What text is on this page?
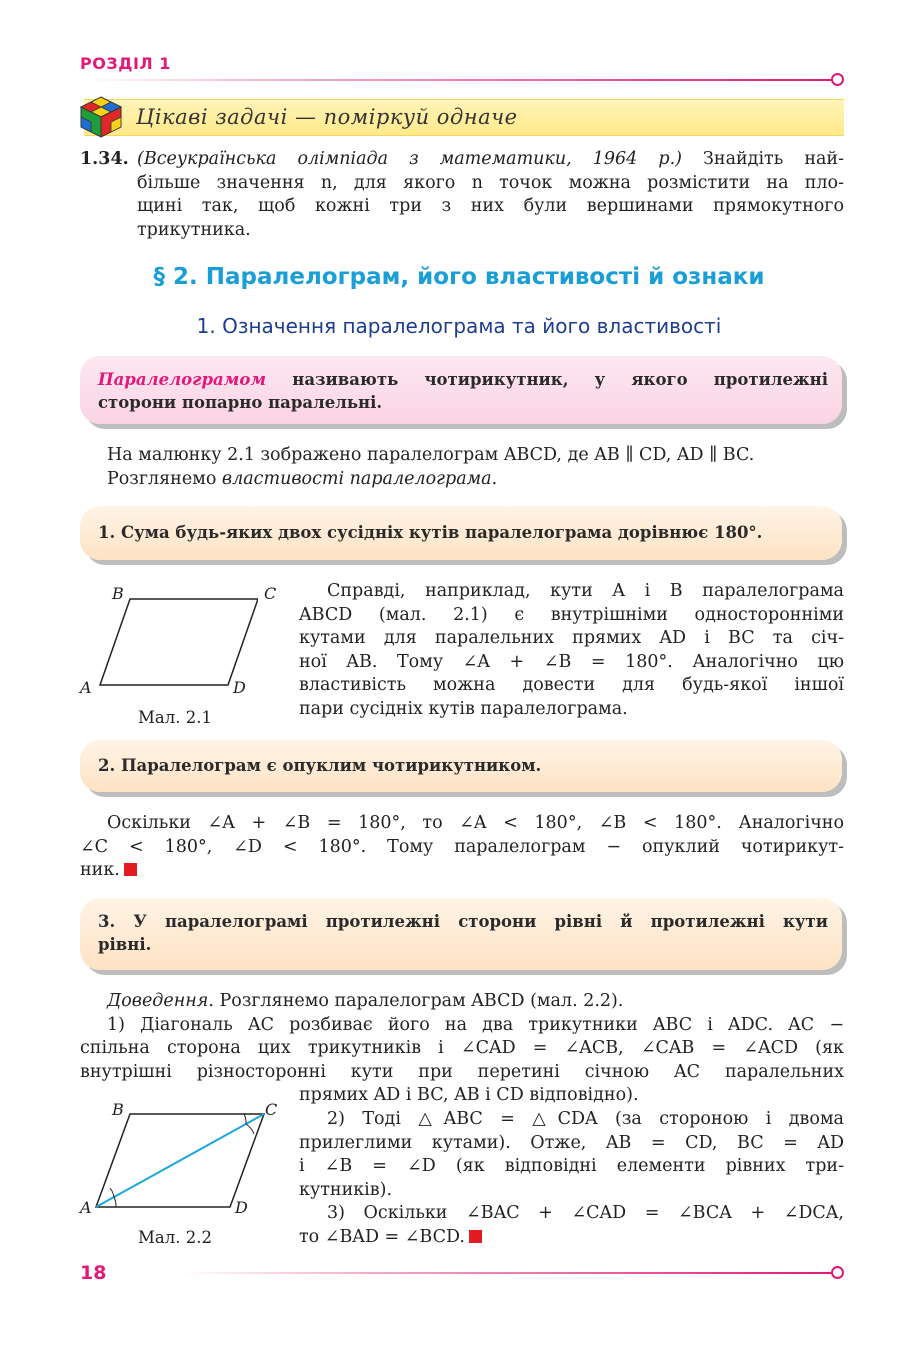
РОЗДІЛ 1
Цікаві задачі — поміркуй одначе
1.34. (Всеукраїнська олімпіада з математики, 1964 р.) Знайдіть най-
більше значення n, для якого n точок можна розмістити на пло-
щині так, щоб кожні три з них були вершинами прямокутного
трикутника.
§ 2. Паралелограм, його властивості й ознаки
1. Означення паралелограма та його властивості
Паралелограмом називають чотирикутник, у якого протилежні
сторони попарно паралельні.
На малюнку 2.1 зображено паралелограм ABCD, де AB ∥ CD, AD ∥ BC.
Розглянемо властивості паралелограма.
1. Сума будь-яких двох сусідніх кутів паралелограма дорівнює 180°.
A
B	C
D
Мал. 2.1
Справді, наприклад, кути A і B паралелограма
ABCD (мал. 2.1) є внутрішніми односторонніми
кутами для паралельних прямих AD і BC та січ-
ної AB. Тому ∠A + ∠B = 180°. Аналогічно цю
властивість можна довести для будь-якої іншої
пари сусідніх кутів паралелограма.
2. Паралелограм є опуклим чотирикутником.
Оскільки ∠A + ∠B = 180°, то ∠A < 180°, ∠B < 180°. Аналогічно
∠C < 180°, ∠D < 180°. Тому паралелограм − опуклий чотирикут-
ник.
3. У паралелограмі протилежні сторони рівні й протилежні кути
рівні.
Доведення. Розглянемо паралелограм ABCD (мал. 2.2).
1) Діагональ AC розбиває його на два трикутники ABC і ADC. AC −
спільна сторона цих трикутників і ∠CAD = ∠ACB, ∠CAB = ∠ACD (як
внутрішні різносторонні кути при перетині січною AC паралельних
прямих AD і BC, AB і CD відповідно).
2) Тоді △ABC = △CDA (за стороною і двома
прилеглими кутами). Отже, AB = CD, BC = AD
і ∠B = ∠D (як відповідні елементи рівних три-
кутників).
3) Оскільки ∠BAC + ∠CAD = ∠BCA + ∠DCA,
то ∠BAD = ∠BCD.
A
B	C
D
Мал. 2.2
18
